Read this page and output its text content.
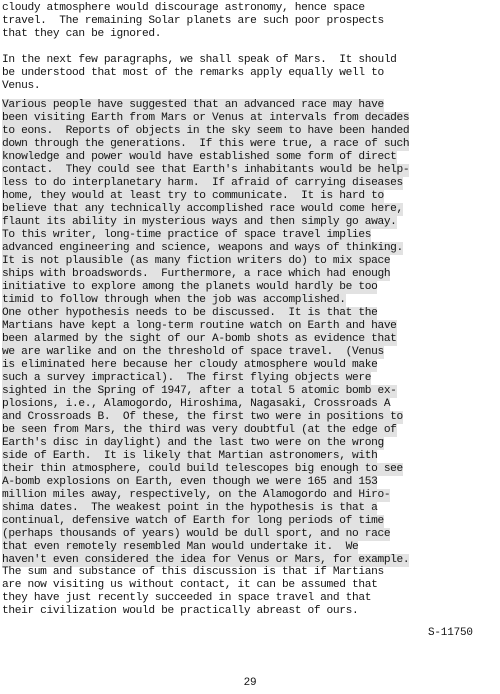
cloudy atmosphere would discourage astronomy, hence space
travel.  The remaining Solar planets are such poor prospects
that they can be ignored.
In the next few paragraphs, we shall speak of Mars.  It should
be understood that most of the remarks apply equally well to
Venus.
Various people have suggested that an advanced race may have
been visiting Earth from Mars or Venus at intervals from decades
to eons.  Reports of objects in the sky seem to have been handed
down through the generations.  If this were true, a race of such
knowledge and power would have established some form of direct
contact.  They could see that Earth's inhabitants would be help-
less to do interplanetary harm.  If afraid of carrying diseases
home, they would at least try to communicate.  It is hard to
believe that any technically accomplished race would come here,
flaunt its ability in mysterious ways and then simply go away.
To this writer, long-time practice of space travel implies
advanced engineering and science, weapons and ways of thinking.
It is not plausible (as many fiction writers do) to mix space
ships with broadswords.  Furthermore, a race which had enough
initiative to explore among the planets would hardly be too
timid to follow through when the job was accomplished.
One other hypothesis needs to be discussed.  It is that the
Martians have kept a long-term routine watch on Earth and have
been alarmed by the sight of our A-bomb shots as evidence that
we are warlike and on the threshold of space travel.  (Venus
is eliminated here because her cloudy atmosphere would make
such a survey impractical).  The first flying objects were
sighted in the Spring of 1947, after a total 5 atomic bomb ex-
plosions, i.e., Alamogordo, Hiroshima, Nagasaki, Crossroads A
and Crossroads B.  Of these, the first two were in positions to
be seen from Mars, the third was very doubtful (at the edge of
Earth's disc in daylight) and the last two were on the wrong
side of Earth.  It is likely that Martian astronomers, with
their thin atmosphere, could build telescopes big enough to see
A-bomb explosions on Earth, even though we were 165 and 153
million miles away, respectively, on the Alamogordo and Hiro-
shima dates.  The weakest point in the hypothesis is that a
continual, defensive watch of Earth for long periods of time
(perhaps thousands of years) would be dull sport, and no race
that even remotely resembled Man would undertake it.  We
haven't even considered the idea for Venus or Mars, for example.
The sum and substance of this discussion is that if Martians
are now visiting us without contact, it can be assumed that
they have just recently succeeded in space travel and that
their civilization would be practically abreast of ours.
S-11750
29
